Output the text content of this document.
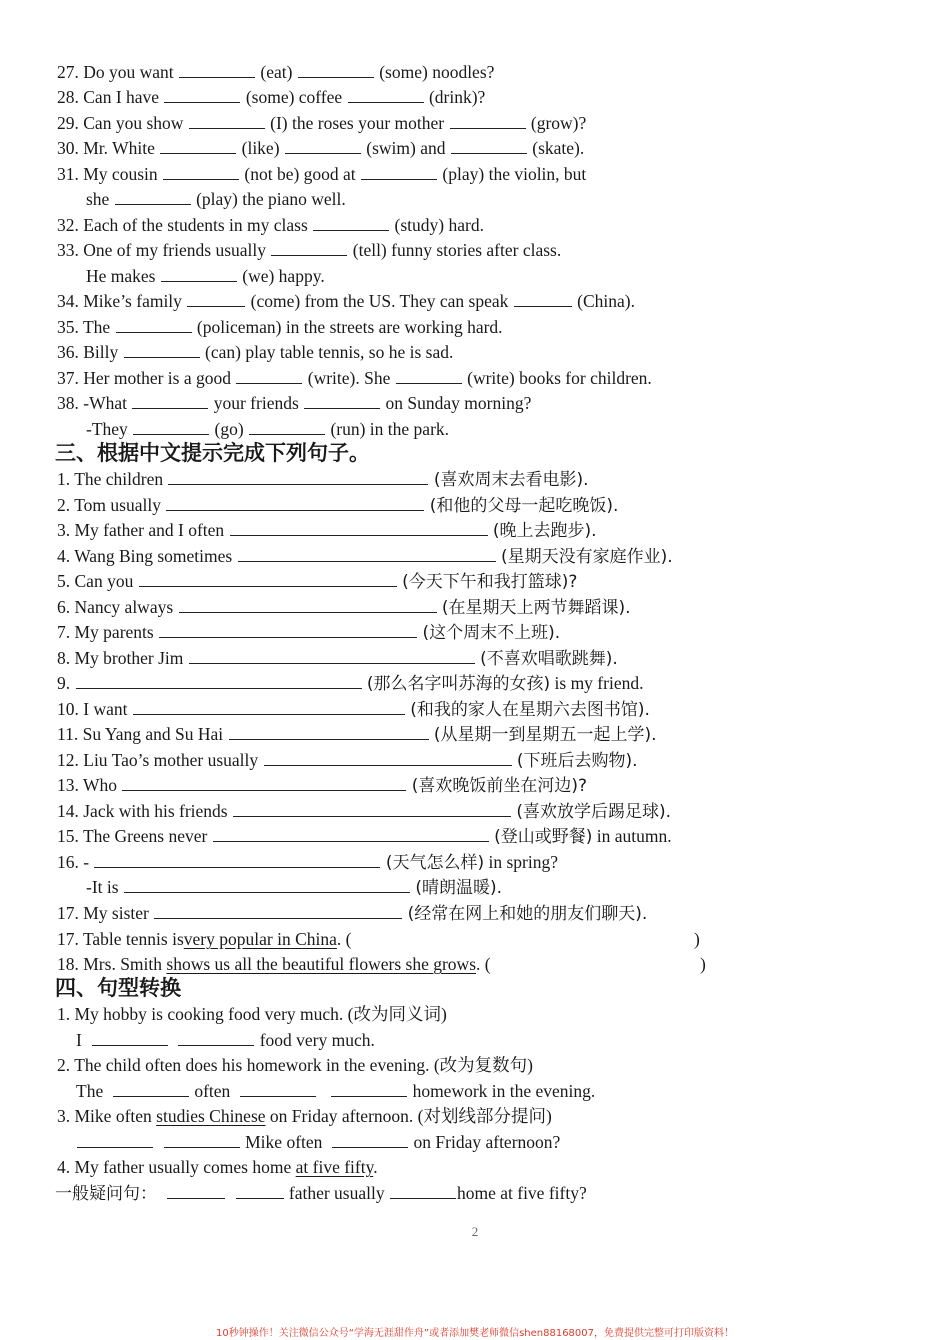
27. Do you want	(eat)	(some) noodles?
28. Can I have	(some) coffee	(drink)?
29. Can you show	(I) the roses your mother	(grow)?
30. Mr. White	(like)	(swim) and	(skate).
31. My cousin	(not be) good at	(play) the violin, but
she	(play) the piano well.
32. Each of the students in my class	(study) hard.
33. One of my friends usually	(tell) funny stories after class.
He makes	(we) happy.
34. Mike’s family	(come) from the US. They can speak	(China).
35. The	(policeman) in the streets are working hard.
36. Billy	(can) play table tennis, so he is sad.
37. Her mother is a good	(write). She	(write) books for children.
38. -What	your friends	on Sunday morning?
-They	(go)	(run) in the park.
三、根据中文提示完成下列句子。
1. The children	(喜欢周末去看电影).
2. Tom usually	(和他的父母一起吃晚饭).
3. My father and I often	(晚上去跑步).
4. Wang Bing sometimes	(星期天没有家庭作业).
5. Can you	(今天下午和我打篮球)?
6. Nancy always	(在星期天上两节舞蹈课).
7. My parents	(这个周末不上班).
8. My brother Jim	(不喜欢唱歌跳舞).
9.	(那么名字叫苏海的女孩) is my friend.
10. I want	(和我的家人在星期六去图书馆).
11. Su Yang and Su Hai	(从星期一到星期五一起上学).
12. Liu Tao’s mother usually	(下班后去购物).
13. Who	(喜欢晚饭前坐在河边)?
14. Jack with his friends	(喜欢放学后踢足球).
15. The Greens never	(登山或野餐) in autumn.
16. -	(天气怎么样) in spring?
-It is	(晴朗温暖).
17. My sister	(经常在网上和她的朋友们聊天).
17. Table tennis isvery popular in China. (	)
18. Mrs. Smith shows us all the beautiful flowers she grows. (	)
四、句型转换
1. My hobby is cooking food very much. (改为同义词)
I	food very much.
2. The child often does his homework in the evening. (改为复数句)
The	often	homework in the evening.
3. Mike often studies Chinese on Friday afternoon. (对划线部分提问)
Mike often	on Friday afternoon?
4. My father usually comes home at five fifty.
一般疑问句：	father usually	home at five fifty?
2
10秒钟操作！关注微信公众号“学海无涯甜作舟”或者添加樊老师微信shen88168007，免费提供完整可打印版资料！
